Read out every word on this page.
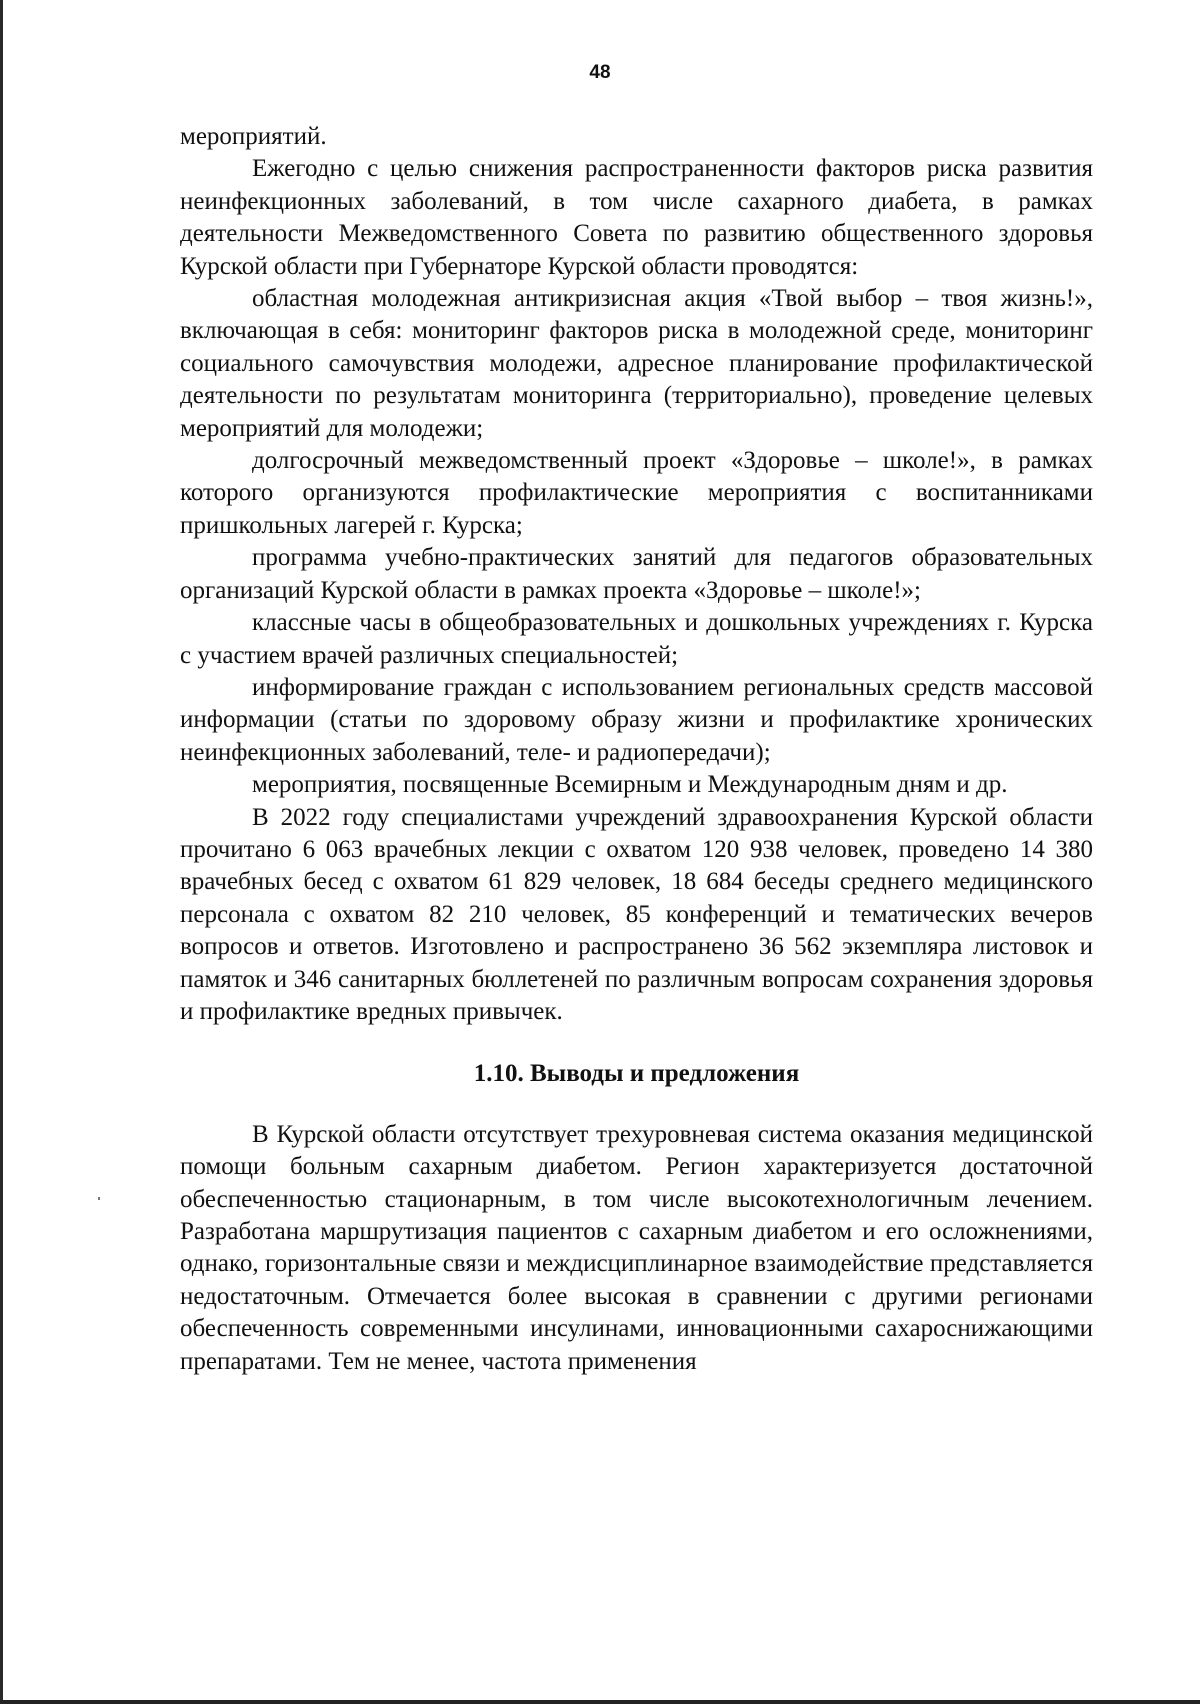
48

мероприятий.

Ежегодно с целью снижения распространенности факторов риска развития неинфекционных заболеваний, в том числе сахарного диабета, в рамках деятельности Межведомственного Совета по развитию общественного здоровья Курской области при Губернаторе Курской области проводятся:

областная молодежная антикризисная акция «Твой выбор – твоя жизнь!», включающая в себя: мониторинг факторов риска в молодежной среде, мониторинг социального самочувствия молодежи, адресное планирование профилактической деятельности по результатам мониторинга (территориально), проведение целевых мероприятий для молодежи;

долгосрочный межведомственный проект «Здоровье – школе!», в рамках которого организуются профилактические мероприятия с воспитанниками пришкольных лагерей г. Курска;

программа учебно-практических занятий для педагогов образовательных организаций Курской области в рамках проекта «Здоровье – школе!»;

классные часы в общеобразовательных и дошкольных учреждениях г. Курска с участием врачей различных специальностей;

информирование граждан с использованием региональных средств массовой информации (статьи по здоровому образу жизни и профилактике хронических неинфекционных заболеваний, теле- и радиопередачи);

мероприятия, посвященные Всемирным и Международным дням и др.

В 2022 году специалистами учреждений здравоохранения Курской области прочитано 6 063 врачебных лекции с охватом 120 938 человек, проведено 14 380 врачебных бесед с охватом 61 829 человек, 18 684 беседы среднего медицинского персонала с охватом 82 210 человек, 85 конференций и тематических вечеров вопросов и ответов. Изготовлено и распространено 36 562 экземпляра листовок и памяток и 346 санитарных бюллетеней по различным вопросам сохранения здоровья и профилактике вредных привычек.

1.10. Выводы и предложения

В Курской области отсутствует трехуровневая система оказания медицинской помощи больным сахарным диабетом. Регион характеризуется достаточной обеспеченностью стационарным, в том числе высокотехнологичным лечением. Разработана маршрутизация пациентов с сахарным диабетом и его осложнениями, однако, горизонтальные связи и междисциплинарное взаимодействие представляется недостаточным. Отмечается более высокая в сравнении с другими регионами обеспеченность современными инсулинами, инновационными сахароснижающими препаратами. Тем не менее, частота применения
